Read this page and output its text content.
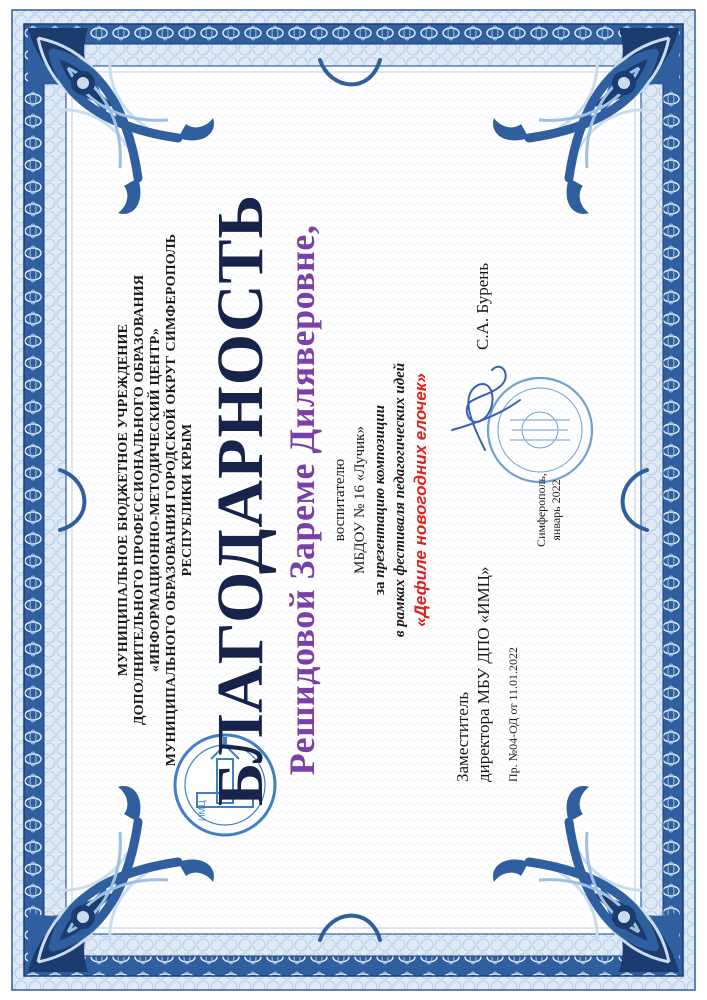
ИМЦ
МУНИЦИПАЛЬНОЕ БЮДЖЕТНОЕ УЧРЕЖДЕНИЕ ДОПОЛНИТЕЛЬНОГО ПРОФЕССИОНАЛЬНОГО ОБРАЗОВАНИЯ «ИНФОРМАЦИОННО-МЕТОДИЧЕСКИЙ ЦЕНТР» МУНИЦИПАЛЬНОГО ОБРАЗОВАНИЯ ГОРОДСКОЙ ОКРУГ СИМФЕРОПОЛЬ РЕСПУБЛИКИ КРЫМ БЛАГОДАРНОСТЬ Решидовой Зареме Диляверовне, воспитателю МБДОУ № 16 «Лучик»
за презентацию композиции в рамках фестиваля педагогических идей «Дефиле новогодних елочек»
Заместитель директора МБУ ДПО «ИМЦ»
С.А. Бурень
Пр. №04-ОД от 11.01.2022
Симферополь, январь 2022
